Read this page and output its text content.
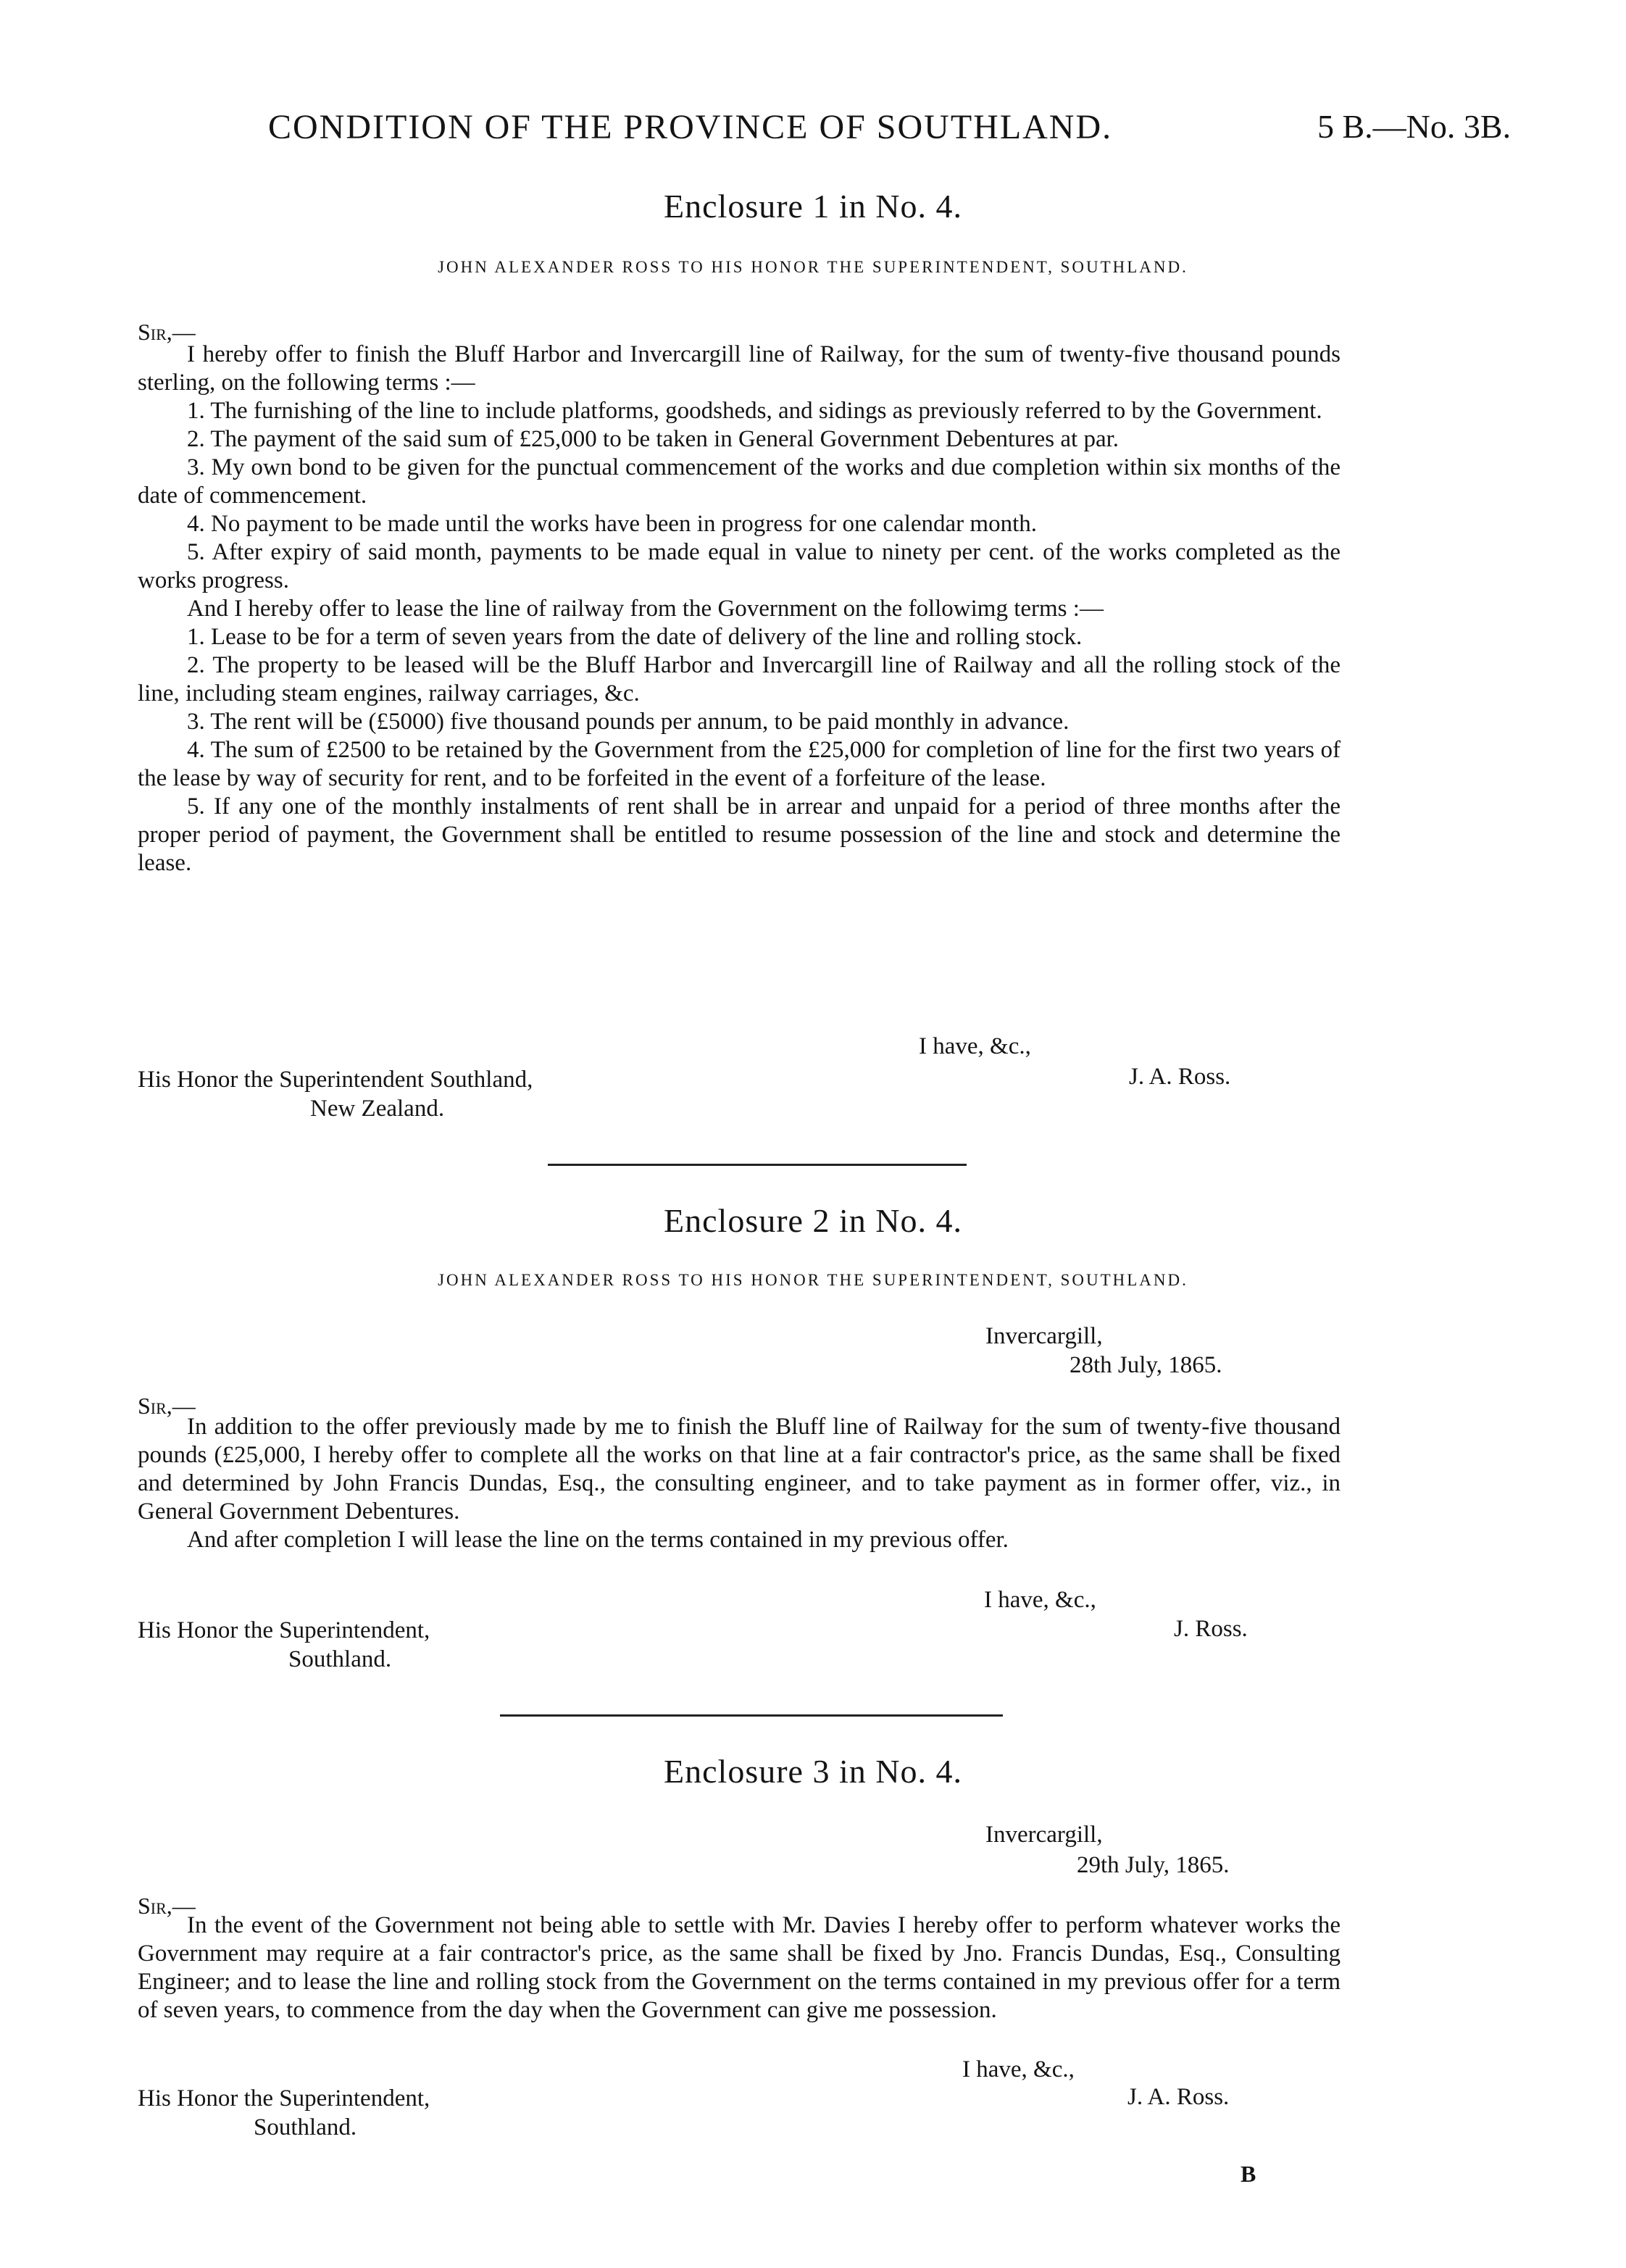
CONDITION OF THE PROVINCE OF SOUTHLAND.	5 B.—No. 3B.
Enclosure 1 in No. 4.
JOHN ALEXANDER ROSS TO HIS HONOR THE SUPERINTENDENT, SOUTHLAND.
Sir,—
I hereby offer to finish the Bluff Harbor and Invercargill line of Railway, for the sum of twenty-five thousand pounds sterling, on the following terms :—
1. The furnishing of the line to include platforms, goodsheds, and sidings as previously referred to by the Government.
2. The payment of the said sum of £25,000 to be taken in General Government Debentures at par.
3. My own bond to be given for the punctual commencement of the works and due completion within six months of the date of commencement.
4. No payment to be made until the works have been in progress for one calendar month.
5. After expiry of said month, payments to be made equal in value to ninety per cent. of the works completed as the works progress.
And I hereby offer to lease the line of railway from the Government on the followimg terms :—
1. Lease to be for a term of seven years from the date of delivery of the line and rolling stock.
2. The property to be leased will be the Bluff Harbor and Invercargill line of Railway and all the rolling stock of the line, including steam engines, railway carriages, &c.
3. The rent will be (£5000) five thousand pounds per annum, to be paid monthly in advance.
4. The sum of £2500 to be retained by the Government from the £25,000 for completion of line for the first two years of the lease by way of security for rent, and to be forfeited in the event of a forfeiture of the lease.
5. If any one of the monthly instalments of rent shall be in arrear and unpaid for a period of three months after the proper period of payment, the Government shall be entitled to resume possession of the line and stock and determine the lease.
I have, &c.,
His Honor the Superintendent Southland,	J. A. Ross.
New Zealand.
Enclosure 2 in No. 4.
JOHN ALEXANDER ROSS TO HIS HONOR THE SUPERINTENDENT, SOUTHLAND.
Invercargill,
28th July, 1865.
Sir,—
In addition to the offer previously made by me to finish the Bluff line of Railway for the sum of twenty-five thousand pounds (£25,000, I hereby offer to complete all the works on that line at a fair contractor's price, as the same shall be fixed and determined by John Francis Dundas, Esq., the consulting engineer, and to take payment as in former offer, viz., in General Government Debentures.
And after completion I will lease the line on the terms contained in my previous offer.
I have, &c.,
His Honor the Superintendent,	J. Ross.
Southland.
Enclosure 3 in No. 4.
Invercargill,
29th July, 1865.
Sir,—
In the event of the Government not being able to settle with Mr. Davies I hereby offer to perform whatever works the Government may require at a fair contractor's price, as the same shall be fixed by Jno. Francis Dundas, Esq., Consulting Engineer; and to lease the line and rolling stock from the Government on the terms contained in my previous offer for a term of seven years, to commence from the day when the Government can give me possession.
I have, &c.,
His Honor the Superintendent,	J. A. Ross.
Southland.
B
